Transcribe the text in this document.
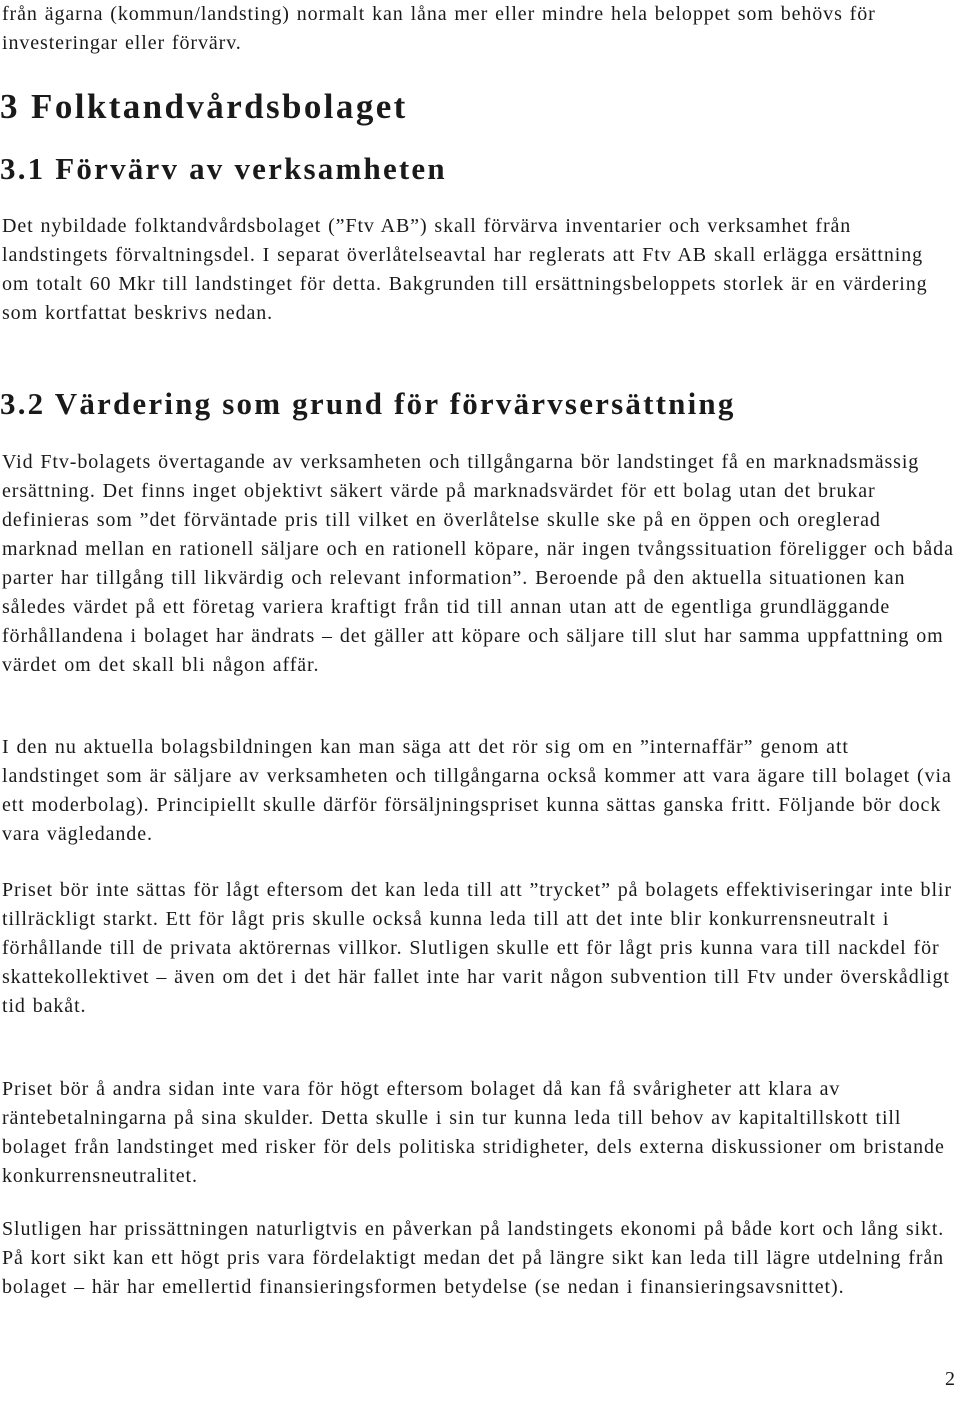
från ägarna (kommun/landsting) normalt kan låna mer eller mindre hela beloppet som behövs för investeringar eller förvärv.

3 Folktandvårdsbolaget
3.1 Förvärv av verksamheten

Det nybildade folktandvårdsbolaget (”Ftv AB”) skall förvärva inventarier och verksamhet från landstingets förvaltningsdel. I separat överlåtelseavtal har reglerats att Ftv AB skall erlägga ersättning om totalt 60 Mkr till landstinget för detta. Bakgrunden till ersättningsbeloppets storlek är en värdering som kortfattat beskrivs nedan.

3.2 Värdering som grund för förvärvsersättning

Vid Ftv-bolagets övertagande av verksamheten och tillgångarna bör landstinget få en marknadsmässig ersättning. Det finns inget objektivt säkert värde på marknadsvärdet för ett bolag utan det brukar definieras som ”det förväntade pris till vilket en överlåtelse skulle ske på en öppen och oreglerad marknad mellan en rationell säljare och en rationell köpare, när ingen tvångssituation föreligger och båda parter har tillgång till likvärdig och relevant information”. Beroende på den aktuella situationen kan således värdet på ett företag variera kraftigt från tid till annan utan att de egentliga grundläggande förhållandena i bolaget har ändrats – det gäller att köpare och säljare till slut har samma uppfattning om värdet om det skall bli någon affär.

I den nu aktuella bolagsbildningen kan man säga att det rör sig om en ”internaffär” genom att landstinget som är säljare av verksamheten och tillgångarna också kommer att vara ägare till bolaget (via ett moderbolag). Principiellt skulle därför försäljningspriset kunna sättas ganska fritt. Följande bör dock vara vägledande.

Priset bör inte sättas för lågt eftersom det kan leda till att ”trycket” på bolagets effektiviseringar inte blir tillräckligt starkt. Ett för lågt pris skulle också kunna leda till att det inte blir konkurrensneutralt i förhållande till de privata aktörernas villkor. Slutligen skulle ett för lågt pris kunna vara till nackdel för skattekollektivet – även om det i det här fallet inte har varit någon subvention till Ftv under överskådligt tid bakåt.

Priset bör å andra sidan inte vara för högt eftersom bolaget då kan få svårigheter att klara av räntebetalningarna på sina skulder. Detta skulle i sin tur kunna leda till behov av kapitaltillskott till bolaget från landstinget med risker för dels politiska stridigheter, dels externa diskussioner om bristande konkurrensneutralitet.

Slutligen har prissättningen naturligtvis en påverkan på landstingets ekonomi på både kort och lång sikt. På kort sikt kan ett högt pris vara fördelaktigt medan det på längre sikt kan leda till lägre utdelning från bolaget – här har emellertid finansieringsformen betydelse (se nedan i finansieringsavsnittet).

2
